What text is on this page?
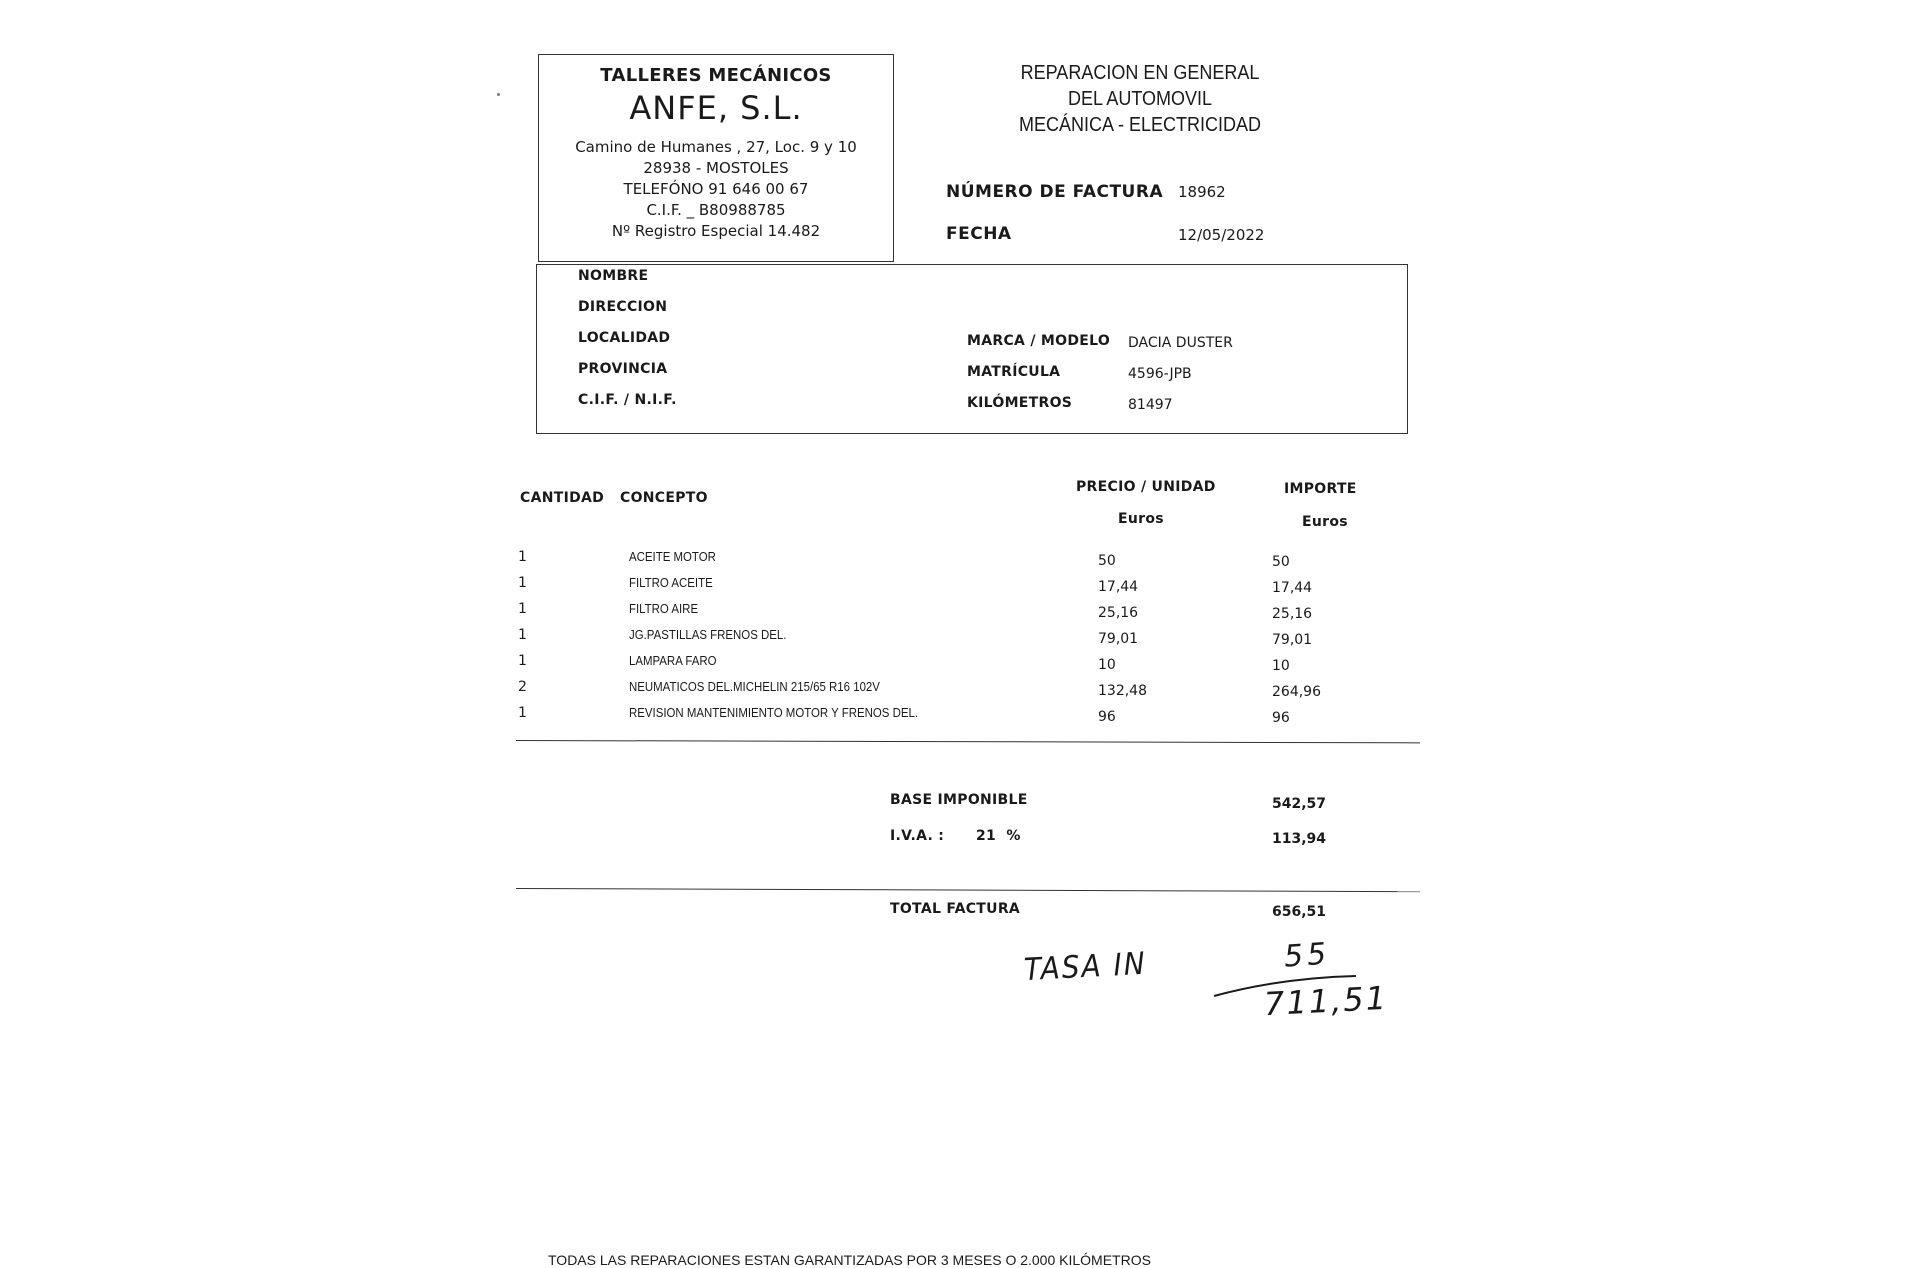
TALLERES MECÁNICOS
ANFE, S.L.
Camino de Humanes , 27, Loc. 9 y 10
28938 - MOSTOLES
TELEFÓNO 91 646 00 67
C.I.F. _ B80988785
Nº Registro Especial 14.482
REPARACION EN GENERAL
DEL AUTOMOVIL
MECÁNICA - ELECTRICIDAD
NÚMERO DE FACTURA 18962
FECHA	12/05/2022
NOMBRE
DIRECCION
LOCALIDAD
PROVINCIA
C.I.F. / N.I.F.
MARCA / MODELO DACIA DUSTER
MATRÍCULA	4596-JPB
KILÓMETROS	81497
CANTIDAD CONCEPTO
PRECIO / UNIDAD
Euros
IMPORTE
Euros
1	ACEITE MOTOR	50	50
1	FILTRO ACEITE	17,44	17,44
1	FILTRO AIRE	25,16	25,16
1	JG.PASTILLAS FRENOS DEL.	79,01	79,01
1	LAMPARA FARO	10	10
2	NEUMATICOS DEL.MICHELIN 215/65 R16 102V	132,48	264,96
1	REVISION MANTENIMIENTO MOTOR Y FRENOS DEL.	96	96
BASE IMPONIBLE	542,57
I.V.A. : 21  %	113,94
TOTAL FACTURA	656,51
TASA IN	55
711,51
TODAS LAS REPARACIONES ESTAN GARANTIZADAS POR 3 MESES O 2.000 KILÓMETROS
